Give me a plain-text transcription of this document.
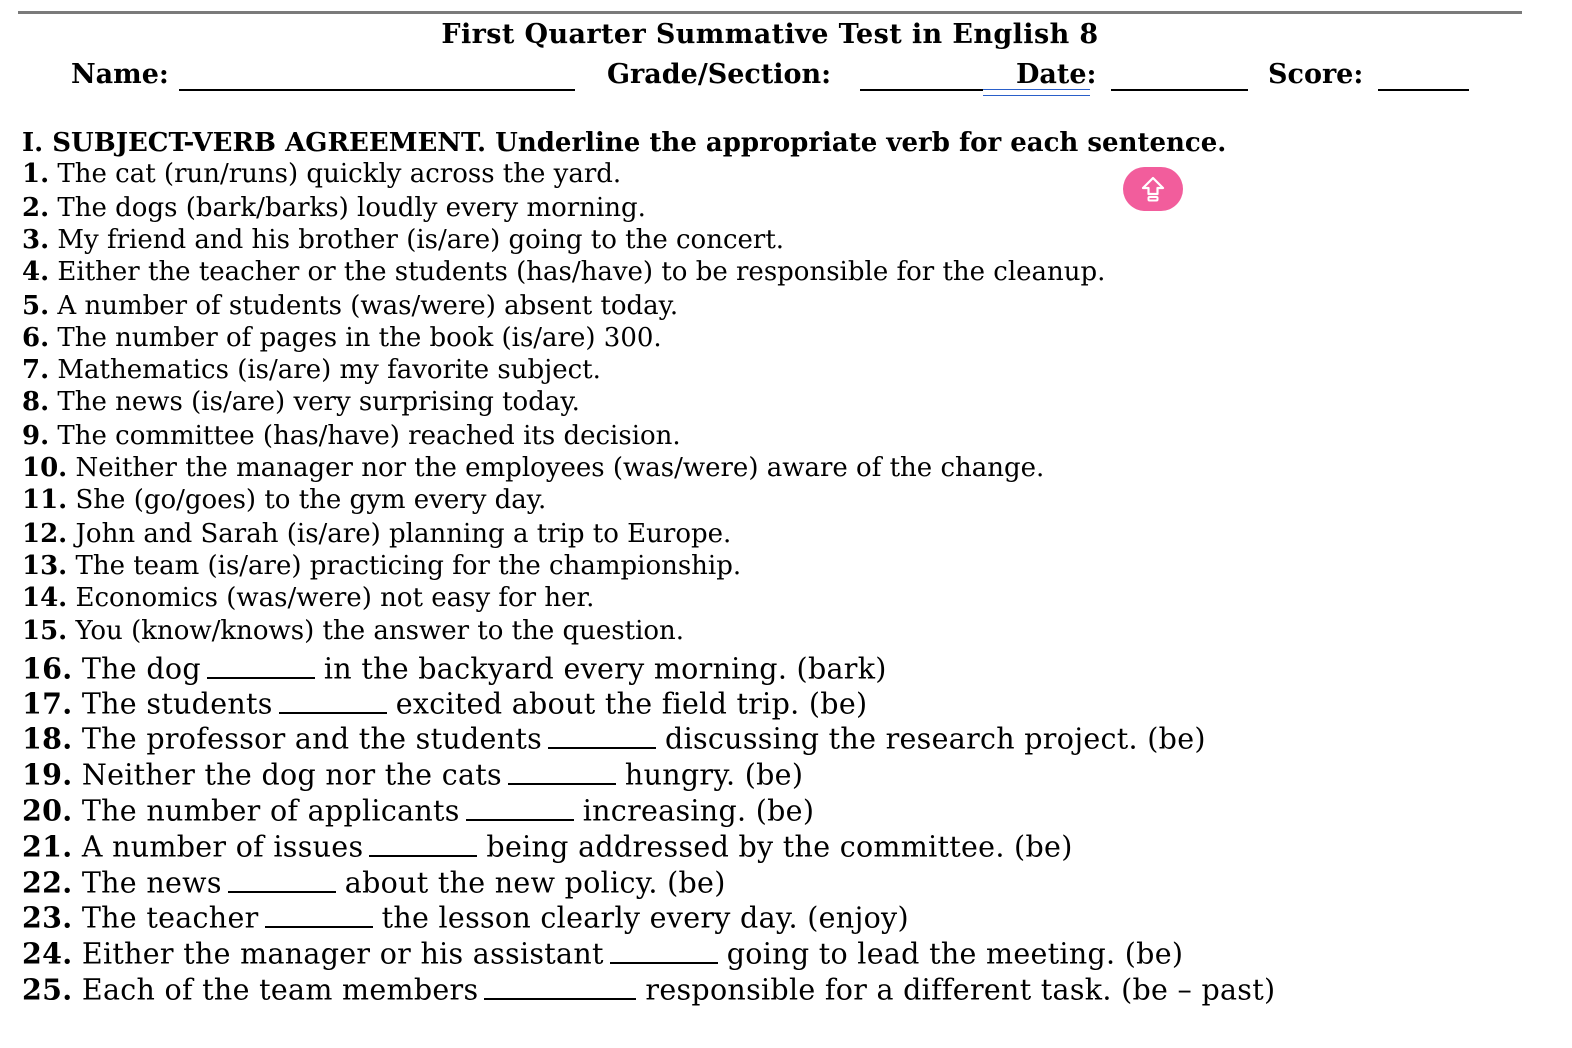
First Quarter Summative Test in English 8
Name:	Grade/Section:	Date:	Score:
I. SUBJECT-VERB AGREEMENT. Underline the appropriate verb for each sentence.
1. The cat (run/runs) quickly across the yard.
2. The dogs (bark/barks) loudly every morning.
3. My friend and his brother (is/are) going to the concert.
4. Either the teacher or the students (has/have) to be responsible for the cleanup.
5. A number of students (was/were) absent today.
6. The number of pages in the book (is/are) 300.
7. Mathematics (is/are) my favorite subject.
8. The news (is/are) very surprising today.
9. The committee (has/have) reached its decision.
10. Neither the manager nor the employees (was/were) aware of the change.
11. She (go/goes) to the gym every day.
12. John and Sarah (is/are) planning a trip to Europe.
13. The team (is/are) practicing for the championship.
14. Economics (was/were) not easy for her.
15. You (know/knows) the answer to the question.
16. The dog	in the backyard every morning. (bark)
17. The students	excited about the field trip. (be)
18. The professor and the students	discussing the research project. (be)
19. Neither the dog nor the cats	hungry. (be)
20. The number of applicants	increasing. (be)
21. A number of issues	being addressed by the committee. (be)
22. The news	about the new policy. (be)
23. The teacher	the lesson clearly every day. (enjoy)
24. Either the manager or his assistant	going to lead the meeting. (be)
25. Each of the team members	responsible for a different task. (be – past)
